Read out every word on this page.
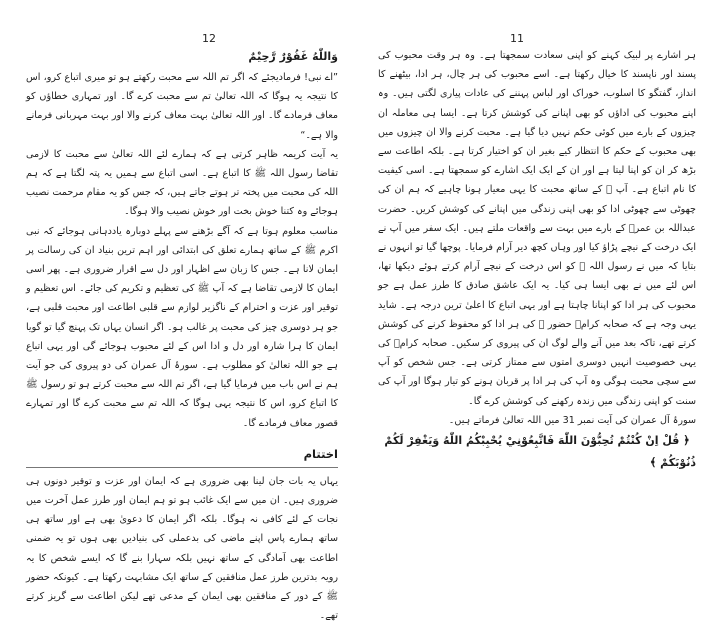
12

وَاللّٰهُ غَفُوْرٌ رَّحِيْمٌ

”اے نبی! فرمادیجئے کہ اگر تم اللہ سے محبت رکھتے ہو تو میری اتباع کرو، اس کا نتیجہ یہ ہوگا کہ اللہ تعالیٰ تم سے محبت کرے گا۔ اور تمہاری خطاؤں کو معاف فرمادے گا۔ اور اللہ تعالیٰ بہت معاف کرنے والا اور بہت مہربانی فرمانے والا ہے۔“

یہ آیت کریمہ ظاہر کرتی ہے کہ ہمارے لئے اللہ تعالیٰ سے محبت کا لازمی تقاضا رسول اللہ ﷺ کا اتباع ہے۔ اسی اتباع سے ہمیں یہ پتہ لگتا ہے کہ ہم اللہ کی محبت میں پختہ تر ہوتے جاتے ہیں، کہ جس کو یہ مقام مرحمت نصیب ہوجائے وہ کتنا خوش بخت اور خوش نصیب والا ہوگا۔

مناسب معلوم ہوتا ہے کہ آگے بڑھنے سے پہلے دوبارہ یاددہانی ہوجائے کہ نبی اکرم ﷺ کے ساتھ ہمارے تعلق کی ابتدائی اور اہم ترین بنیاد ان کی رسالت پر ایمان لانا ہے۔ جس کا زبان سے اظہار اور دل سے اقرار ضروری ہے۔ پھر اسی ایمان کا لازمی تقاضا ہے کہ آپ ﷺ کی تعظیم و تکریم کی جائے۔ اس تعظیم و توقیر اور عزت و احترام کے ناگزیر لوازم سے قلبی اطاعت اور محبت قلبی ہے، جو ہر دوسری چیز کی محبت پر غالب ہو۔ اگر انسان یہاں تک پہنچ گیا تو گویا ایمان کا ہرا شارہ اور دل و ادا اس کے لئے محبوب ہوجائے گی اور یہی اتباع ہے جو اللہ تعالیٰ کو مطلوب ہے۔ سورۂ آل عمران کی دو پیروی کی جو آیت ہم نے اس باب میں فرمایا گیا ہے، اگر تم اللہ سے محبت کرتے ہو تو رسول ﷺ کا اتباع کرو، اس کا نتیجہ یہی ہوگا کہ اللہ تم سے محبت کرے گا اور تمہارے قصور معاف فرمادے گا۔

اختتام

یہاں یہ بات جان لینا بھی ضروری ہے کہ ایمان اور عزت و توقیر دونوں ہی ضروری ہیں۔ ان میں سے ایک غائب ہو تو ہم ایمان اور طرز عمل آخرت میں نجات کے لئے کافی نہ ہوگا۔ بلکہ اگر ایمان کا دعویٰ بھی ہے اور ساتھ ہی ساتھ ہمارے پاس اپنے ماضی کی بدعملی کی بنیادیں بھی ہوں تو یہ ضمنی اطاعت بھی آمادگی کے ساتھ نہیں بلکہ سہارا بنے گا کہ ایسے شخص کا یہ رویہ بدترین طرز عمل منافقین کے ساتھ ایک مشابہت رکھتا ہے۔ کیونکہ حضور ﷺ کے دور کے منافقین بھی ایمان کے مدعی تھے لیکن اطاعت سے گریز کرتے تھے۔

11

ہر اشارے پر لبیک کہنے کو اپنی سعادت سمجھتا ہے۔ وہ ہر وقت محبوب کی پسند اور ناپسند کا خیال رکھتا ہے۔ اسے محبوب کی ہر چال، ہر ادا، بیٹھنے کا انداز، گفتگو کا اسلوب، خوراک اور لباس پہننے کی عادات پیاری لگتی ہیں۔ وہ اپنے محبوب کی اداؤں کو بھی اپنانے کی کوشش کرتا ہے۔ ایسا ہی معاملہ ان چیزوں کے بارے میں کوئی حکم نہیں دیا گیا ہے۔ محبت کرنے والا ان چیزوں میں بھی محبوب کے حکم کا انتظار کیے بغیر ان کو اختیار کرتا ہے۔ بلکہ اطاعت سے بڑھ کر ان کو اپنا لیتا ہے اور ان کے ایک ایک اشارے کو سمجھتا ہے۔ اسی کیفیت کا نام اتباع ہے۔ آپ ﷺ کے ساتھ محبت کا یہی معیار ہونا چاہیے کہ ہم ان کی چھوٹی سے چھوٹی ادا کو بھی اپنی زندگی میں اپنانے کی کوشش کریں۔ حضرت عبداللہ بن عمرؓ کے بارے میں بہت سے واقعات ملتے ہیں۔ ایک سفر میں آپ نے ایک درخت کے نیچے پڑاؤ کیا اور وہاں کچھ دیر آرام فرمایا۔ پوچھا گیا تو انہوں نے بتایا کہ میں نے رسول اللہ ﷺ کو اس درخت کے نیچے آرام کرتے ہوئے دیکھا تھا، اس لئے میں نے بھی ایسا ہی کیا۔ یہ ایک عاشق صادق کا طرز عمل ہے جو محبوب کی ہر ادا کو اپنانا چاہتا ہے اور یہی اتباع کا اعلیٰ ترین درجہ ہے۔ شاید یہی وجہ ہے کہ صحابہ کرامؓ حضور ﷺ کی ہر ادا کو محفوظ کرنے کی کوشش کرتے تھے، تاکہ بعد میں آنے والے لوگ ان کی پیروی کر سکیں۔ صحابہ کرامؓ کی یہی خصوصیت انہیں دوسری امتوں سے ممتاز کرتی ہے۔ جس شخص کو آپ سے سچی محبت ہوگی وہ آپ کی ہر ادا پر قربان ہونے کو تیار ہوگا اور آپ کی سنت کو اپنی زندگی میں زندہ رکھنے کی کوشش کرے گا۔

سورۂ آل عمران کی آیت نمبر 31 میں اللہ تعالیٰ فرماتے ہیں۔

﴿ قُلْ اِنْ كُنْتُمْ تُحِبُّوْنَ اللّٰهَ فَاتَّبِعُوْنِيْ يُحْبِبْكُمُ اللّٰهُ وَيَغْفِرْ لَكُمْ ذُنُوْبَكُمْ ﴾
